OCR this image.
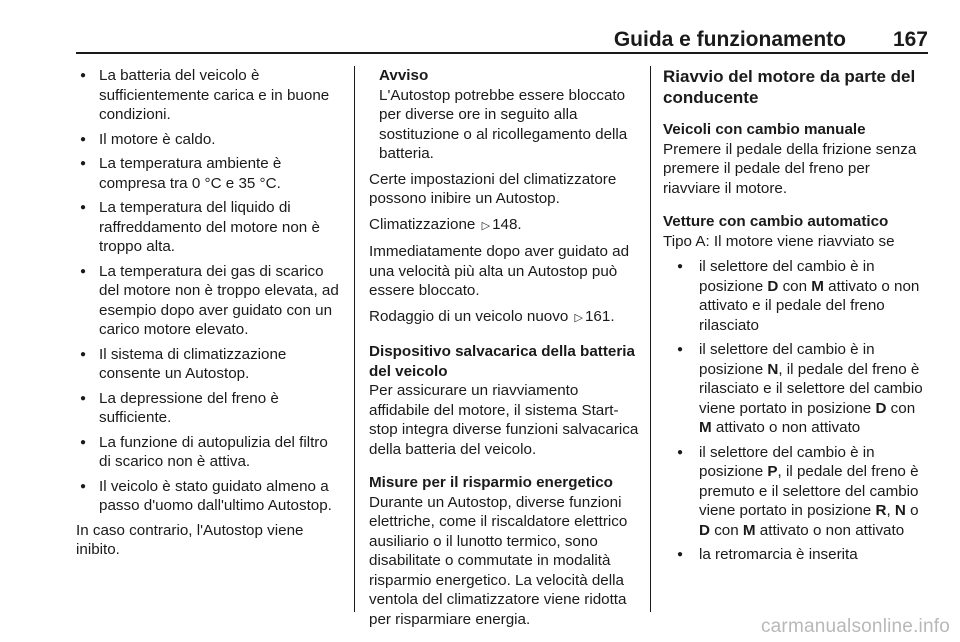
Guida e funzionamento 167
● La batteria del veicolo è sufficientemente carica e in buone condizioni.
● Il motore è caldo.
● La temperatura ambiente è compresa tra 0 °C e 35 °C.
● La temperatura del liquido di raffreddamento del motore non è troppo alta.
● La temperatura dei gas di scarico del motore non è troppo elevata, ad esempio dopo aver guidato con un carico motore elevato.
● Il sistema di climatizzazione consente un Autostop.
● La depressione del freno è sufficiente.
● La funzione di autopulizia del filtro di scarico non è attiva.
● Il veicolo è stato guidato almeno a passo d'uomo dall'ultimo Autostop.

In caso contrario, l'Autostop viene inibito.

Avviso
L'Autostop potrebbe essere bloccato per diverse ore in seguito alla sostituzione o al ricollegamento della batteria.

Certe impostazioni del climatizzatore possono inibire un Autostop.

Climatizzazione ▷ 148.

Immediatamente dopo aver guidato ad una velocità più alta un Autostop può essere bloccato.

Rodaggio di un veicolo nuovo ▷ 161.

Dispositivo salvacarica della batteria del veicolo

Per assicurare un riavviamento affidabile del motore, il sistema Start-stop integra diverse funzioni salvacarica della batteria del veicolo.

Misure per il risparmio energetico

Durante un Autostop, diverse funzioni elettriche, come il riscaldatore elettrico ausiliario o il lunotto termico, sono disabilitate o commutate in modalità risparmio energetico. La velocità della ventola del climatizzatore viene ridotta per risparmiare energia.

Riavvio del motore da parte del conducente
Veicoli con cambio manuale

Premere il pedale della frizione senza premere il pedale del freno per riavviare il motore.

Vetture con cambio automatico

Tipo A: Il motore viene riavviato se

● il selettore del cambio è in posizione D con M attivato o non attivato e il pedale del freno rilasciato
● il selettore del cambio è in posizione N, il pedale del freno è rilasciato e il selettore del cambio viene portato in posizione D con M attivato o non attivato
● il selettore del cambio è in posizione P, il pedale del freno è premuto e il selettore del cambio viene portato in posizione R, N o D con M attivato o non attivato
● la retromarcia è inserita
carmanualsonline.info
